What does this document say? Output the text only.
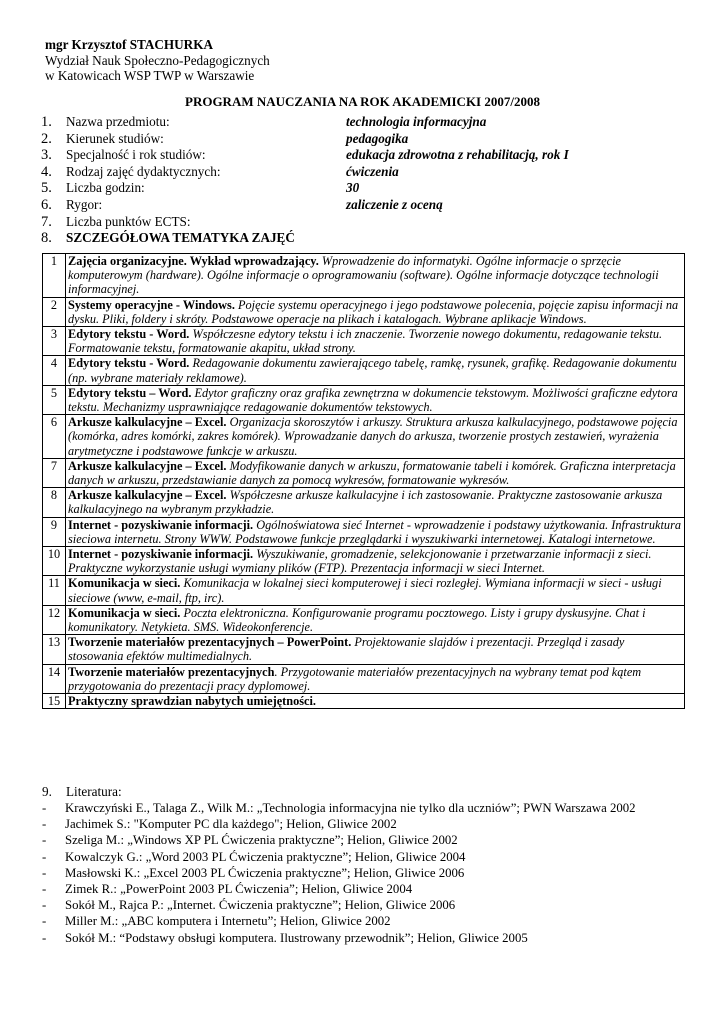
mgr Krzysztof STACHURKA
Wydział Nauk Społeczno-Pedagogicznych
w Katowicach WSP TWP w Warszawie
PROGRAM NAUCZANIA NA ROK AKADEMICKI 2007/2008
1.	Nazwa przedmiotu:	technologia informacyjna
2.	Kierunek studiów:	pedagogika
3.	Specjalność i rok studiów:	edukacja zdrowotna z rehabilitacją, rok I
4.	Rodzaj zajęć dydaktycznych:	ćwiczenia
5.	Liczba godzin:	30
6.	Rygor:	zaliczenie z oceną
7.	Liczba punktów ECTS:
8.	SZCZEGÓŁOWA TEMATYKA ZAJĘĆ
1	Zajęcia organizacyjne. Wykład wprowadzający. Wprowadzenie do informatyki. Ogólne informacje o sprzęcie komputerowym (hardware). Ogólne informacje o oprogramowaniu (software). Ogólne informacje dotyczące technologii informacyjnej.
2	Systemy operacyjne - Windows. Pojęcie systemu operacyjnego i jego podstawowe polecenia, pojęcie zapisu informacji na dysku. Pliki, foldery i skróty. Podstawowe operacje na plikach i katalogach. Wybrane aplikacje Windows.
3	Edytory tekstu - Word. Współczesne edytory tekstu i ich znaczenie. Tworzenie nowego dokumentu, redagowanie tekstu. Formatowanie tekstu, formatowanie akapitu, układ strony.
4	Edytory tekstu - Word. Redagowanie dokumentu zawierającego tabelę, ramkę, rysunek, grafikę. Redagowanie dokumentu (np. wybrane materiały reklamowe).
5	Edytory tekstu – Word. Edytor graficzny oraz grafika zewnętrzna w dokumencie tekstowym. Możliwości graficzne edytora tekstu. Mechanizmy usprawniające redagowanie dokumentów tekstowych.
6	Arkusze kalkulacyjne – Excel. Organizacja skoroszytów i arkuszy. Struktura arkusza kalkulacyjnego, podstawowe pojęcia (komórka, adres komórki, zakres komórek). Wprowadzanie danych do arkusza, tworzenie prostych zestawień, wyrażenia arytmetyczne i podstawowe funkcje w arkuszu.
7	Arkusze kalkulacyjne – Excel. Modyfikowanie danych w arkuszu, formatowanie tabeli i komórek. Graficzna interpretacja danych w arkuszu, przedstawianie danych za pomocą wykresów, formatowanie wykresów.
8	Arkusze kalkulacyjne – Excel. Współczesne arkusze kalkulacyjne i ich zastosowanie. Praktyczne zastosowanie arkusza kalkulacyjnego na wybranym przykładzie.
9	Internet - pozyskiwanie informacji. Ogólnoświatowa sieć Internet - wprowadzenie i podstawy użytkowania. Infrastruktura sieciowa internetu. Strony WWW. Podstawowe funkcje przeglądarki i wyszukiwarki internetowej. Katalogi internetowe.
10	Internet - pozyskiwanie informacji. Wyszukiwanie, gromadzenie, selekcjonowanie i przetwarzanie informacji z sieci. Praktyczne wykorzystanie usługi wymiany plików (FTP). Prezentacja informacji w sieci Internet.
11	Komunikacja w sieci. Komunikacja w lokalnej sieci komputerowej i sieci rozległej. Wymiana informacji w sieci - usługi sieciowe (www, e-mail, ftp, irc).
12	Komunikacja w sieci. Poczta elektroniczna. Konfigurowanie programu pocztowego. Listy i grupy dyskusyjne. Chat i komunikatory. Netykieta. SMS. Wideokonferencje.
13	Tworzenie materiałów prezentacyjnych – PowerPoint. Projektowanie slajdów i prezentacji. Przegląd i zasady stosowania efektów multimedialnych.
14	Tworzenie materiałów prezentacyjnych. Przygotowanie materiałów prezentacyjnych na wybrany temat pod kątem przygotowania do prezentacji pracy dyplomowej.
15	Praktyczny sprawdzian nabytych umiejętności.
9. Literatura:
- Krawczyński E., Talaga Z., Wilk M.: „Technologia informacyjna nie tylko dla uczniów”; PWN Warszawa 2002
- Jachimek S.: "Komputer PC dla każdego"; Helion, Gliwice 2002
- Szeliga M.: „Windows XP PL Ćwiczenia praktyczne”; Helion, Gliwice 2002
- Kowalczyk G.: „Word 2003 PL Ćwiczenia praktyczne”; Helion, Gliwice 2004
- Masłowski K.: „Excel 2003 PL Ćwiczenia praktyczne”; Helion, Gliwice 2006
- Zimek R.: „PowerPoint 2003 PL Ćwiczenia”; Helion, Gliwice 2004
- Sokół M., Rajca P.: „Internet. Ćwiczenia praktyczne”; Helion, Gliwice 2006
- Miller M.: „ABC komputera i Internetu”; Helion, Gliwice 2002
- Sokół M.: “Podstawy obsługi komputera. Ilustrowany przewodnik”; Helion, Gliwice 2005
